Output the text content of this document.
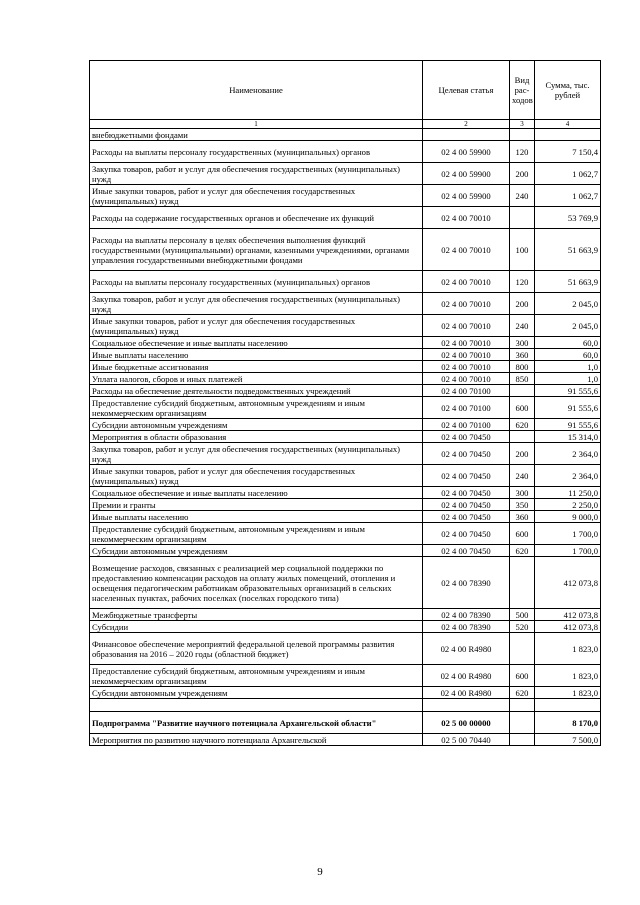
Наименование	Целевая статья	Вид рас-ходов	Сумма, тыс. рублей
1	2	3	4
внебюджетными фондами			
Расходы на выплаты персоналу государственных (муниципальных) органов	02 4 00 59900	120	7 150,4
Закупка товаров, работ и услуг для обеспечения государственных (муниципальных) нужд	02 4 00 59900	200	1 062,7
Иные закупки товаров, работ и услуг для обеспечения государственных (муниципальных) нужд	02 4 00 59900	240	1 062,7
Расходы на содержание государственных органов и обеспечение их функций	02 4 00 70010		53 769,9
Расходы на выплаты персоналу в целях обеспечения выполнения функций государственными (муниципальными) органами, казенными учреждениями, органами управления государственными внебюджетными фондами	02 4 00 70010	100	51 663,9
Расходы на выплаты персоналу государственных (муниципальных) органов	02 4 00 70010	120	51 663,9
Закупка товаров, работ и услуг для обеспечения государственных (муниципальных) нужд	02 4 00 70010	200	2 045,0
Иные закупки товаров, работ и услуг для обеспечения государственных (муниципальных) нужд	02 4 00 70010	240	2 045,0
Социальное обеспечение и иные выплаты населению	02 4 00 70010	300	60,0
Иные выплаты населению	02 4 00 70010	360	60,0
Иные бюджетные ассигнования	02 4 00 70010	800	1,0
Уплата налогов, сборов и иных платежей	02 4 00 70010	850	1,0
Расходы на обеспечение деятельности подведомственных учреждений	02 4 00 70100		91 555,6
Предоставление субсидий бюджетным, автономным учреждениям и иным некоммерческим организациям	02 4 00 70100	600	91 555,6
Субсидии автономным учреждениям	02 4 00 70100	620	91 555,6
Мероприятия в области образования	02 4 00 70450		15 314,0
Закупка товаров, работ и услуг для обеспечения государственных (муниципальных) нужд	02 4 00 70450	200	2 364,0
Иные закупки товаров, работ и услуг для обеспечения государственных (муниципальных) нужд	02 4 00 70450	240	2 364,0
Социальное обеспечение и иные выплаты населению	02 4 00 70450	300	11 250,0
Премии и гранты	02 4 00 70450	350	2 250,0
Иные выплаты населению	02 4 00 70450	360	9 000,0
Предоставление субсидий бюджетным, автономным учреждениям и иным некоммерческим организациям	02 4 00 70450	600	1 700,0
Субсидии автономным учреждениям	02 4 00 70450	620	1 700,0
Возмещение расходов, связанных с реализацией мер социальной поддержки по предоставлению компенсации расходов на оплату жилых помещений, отопления и освещения педагогическим работникам образовательных организаций в сельских населенных пунктах, рабочих поселках (поселках городского типа)	02 4 00 78390		412 073,8
Межбюджетные трансферты	02 4 00 78390	500	412 073,8
Субсидии	02 4 00 78390	520	412 073,8
Финансовое обеспечение мероприятий федеральной целевой программы развития образования на 2016 – 2020 годы (областной бюджет)	02 4 00 R4980		1 823,0
Предоставление субсидий бюджетным, автономным учреждениям и иным некоммерческим организациям	02 4 00 R4980	600	1 823,0
Субсидии автономным учреждениям	02 4 00 R4980	620	1 823,0

Подпрограмма "Развитие научного потенциала Архангельской области"	02 5 00 00000		8 170,0
Мероприятия по развитию научного потенциала Архангельской	02 5 00 70440		7 500,0
9
